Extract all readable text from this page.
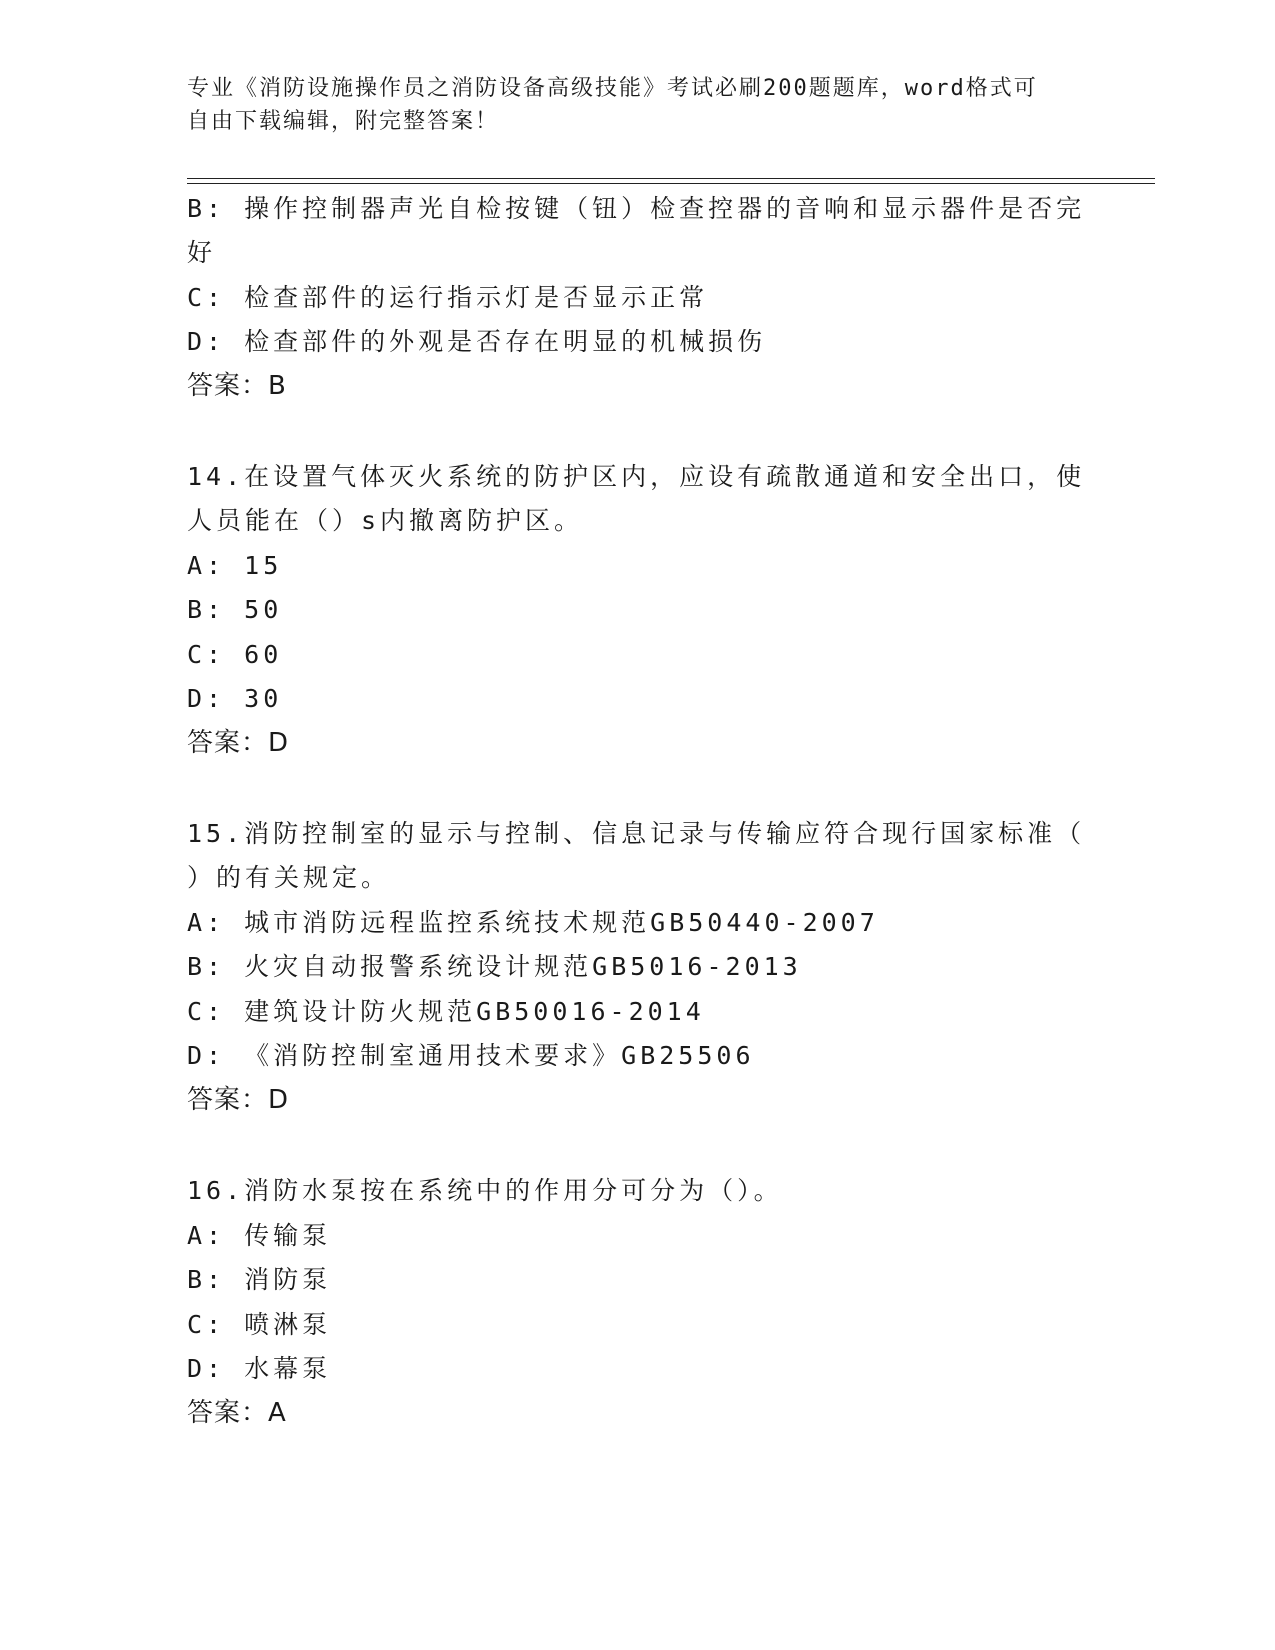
专业《消防设施操作员之消防设备高级技能》考试必刷200题题库，word格式可
自由下载编辑，附完整答案！
B: 操作控制器声光自检按键（钮）检查控器的音响和显示器件是否完
好
C: 检查部件的运行指示灯是否显示正常
D: 检查部件的外观是否存在明显的机械损伤
答案：B
14.在设置气体灭火系统的防护区内，应设有疏散通道和安全出口，使
人员能在（）s内撤离防护区。
A: 15
B: 50
C: 60
D: 30
答案：D
15.消防控制室的显示与控制、信息记录与传输应符合现行国家标准（
）的有关规定。
A: 城市消防远程监控系统技术规范GB50440-2007
B: 火灾自动报警系统设计规范GB5016-2013
C: 建筑设计防火规范GB50016-2014
D: 《消防控制室通用技术要求》GB25506
答案：D
16.消防水泵按在系统中的作用分可分为（）。
A: 传输泵
B: 消防泵
C: 喷淋泵
D: 水幕泵
答案：A
